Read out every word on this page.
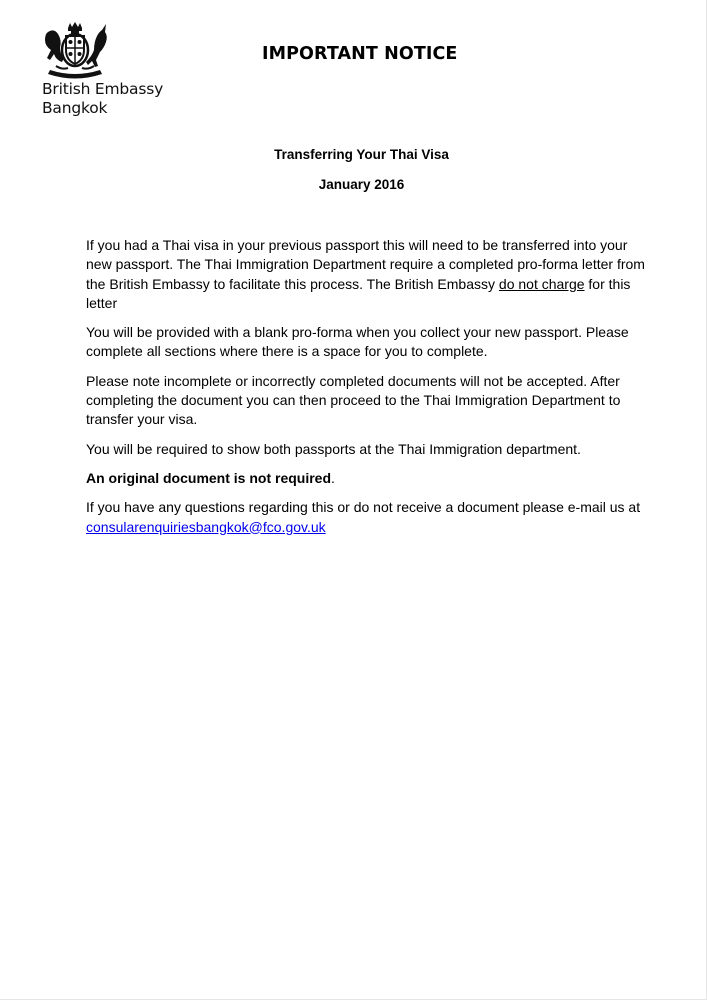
British Embassy
Bangkok
IMPORTANT NOTICE
Transferring Your Thai Visa
January 2016

If you had a Thai visa in your previous passport this will need to be transferred into your new passport. The Thai Immigration Department require a completed pro-forma letter from the British Embassy to facilitate this process. The British Embassy do not charge for this letter

You will be provided with a blank pro-forma when you collect your new passport. Please complete all sections where there is a space for you to complete.

Please note incomplete or incorrectly completed documents will not be accepted. After completing the document you can then proceed to the Thai Immigration Department to transfer your visa.

You will be required to show both passports at the Thai Immigration department.

An original document is not required.

If you have any questions regarding this or do not receive a document please e-mail us at consularenquiriesbangkok@fco.gov.uk
